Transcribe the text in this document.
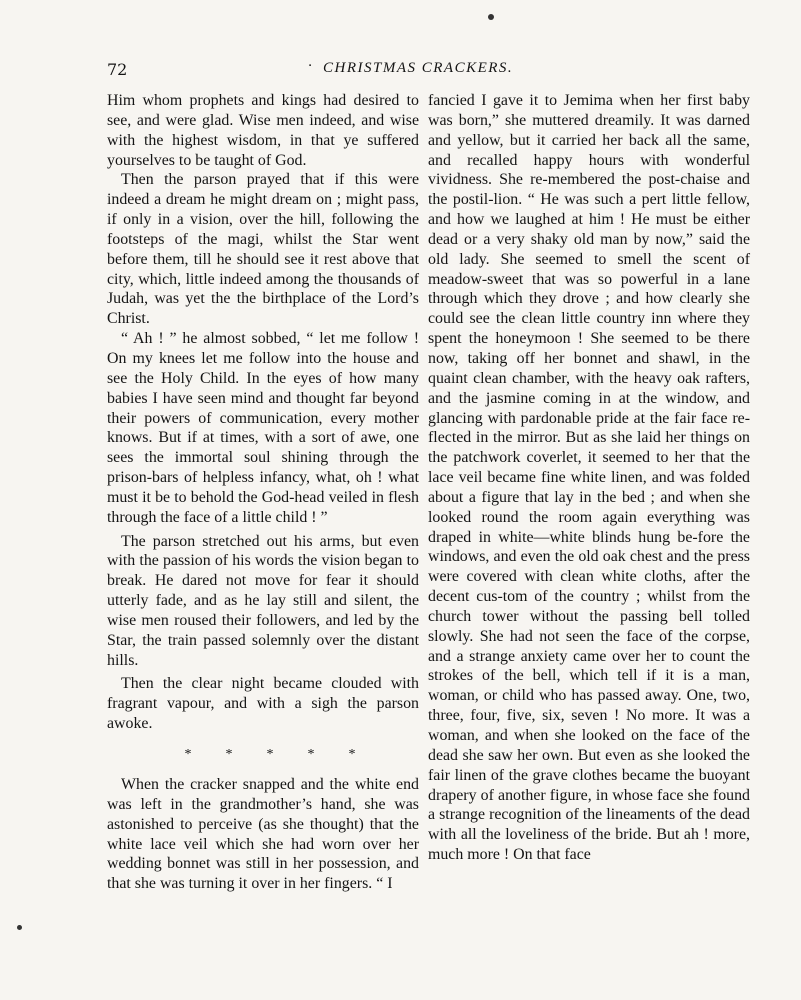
72
·	CHRISTMAS CRACKERS.

Him whom prophets and kings had desired to see, and were glad. Wise men indeed, and wise with the highest wisdom, in that ye suffered yourselves to be taught of God.

Then the parson prayed that if this were indeed a dream he might dream on ; might pass, if only in a vision, over the hill, following the footsteps of the magi, whilst the Star went before them, till he should see it rest above that city, which, little indeed among the thousands of Judah, was yet the the birthplace of the Lord’s Christ.

“ Ah ! ” he almost sobbed, “ let me follow ! On my knees let me follow into the house and see the Holy Child. In the eyes of how many babies I have seen mind and thought far beyond their powers of communication, every mother knows. But if at times, with a sort of awe, one sees the immortal soul shining through the prison-bars of helpless infancy, what, oh ! what must it be to behold the God-head veiled in flesh through the face of a little child ! ”

The parson stretched out his arms, but even with the passion of his words the vision began to break. He dared not move for fear it should utterly fade, and as he lay still and silent, the wise men roused their followers, and led by the Star, the train passed solemnly over the distant hills.

Then the clear night became clouded with fragrant vapour, and with a sigh the parson awoke.

* * * * *

When the cracker snapped and the white end was left in the grandmother’s hand, she was astonished to perceive (as she thought) that the white lace veil which she had worn over her wedding bonnet was still in her possession, and that she was turning it over in her fingers. “ I

fancied I gave it to Jemima when her first baby was born,” she muttered dreamily. It was darned and yellow, but it carried her back all the same, and recalled happy hours with wonderful vividness. She re-membered the post-chaise and the postil-lion. “ He was such a pert little fellow, and how we laughed at him ! He must be either dead or a very shaky old man by now,” said the old lady. She seemed to smell the scent of meadow-sweet that was so powerful in a lane through which they drove ; and how clearly she could see the clean little country inn where they spent the honeymoon ! She seemed to be there now, taking off her bonnet and shawl, in the quaint clean chamber, with the heavy oak rafters, and the jasmine coming in at the window, and glancing with pardonable pride at the fair face re-flected in the mirror. But as she laid her things on the patchwork coverlet, it seemed to her that the lace veil became fine white linen, and was folded about a figure that lay in the bed ; and when she looked round the room again everything was draped in white—white blinds hung be-fore the windows, and even the old oak chest and the press were covered with clean white cloths, after the decent cus-tom of the country ; whilst from the church tower without the passing bell tolled slowly. She had not seen the face of the corpse, and a strange anxiety came over her to count the strokes of the bell, which tell if it is a man, woman, or child who has passed away. One, two, three, four, five, six, seven ! No more. It was a woman, and when she looked on the face of the dead she saw her own. But even as she looked the fair linen of the grave clothes became the buoyant drapery of another figure, in whose face she found a strange recognition of the lineaments of the dead with all the loveliness of the bride. But ah ! more, much more ! On that face
